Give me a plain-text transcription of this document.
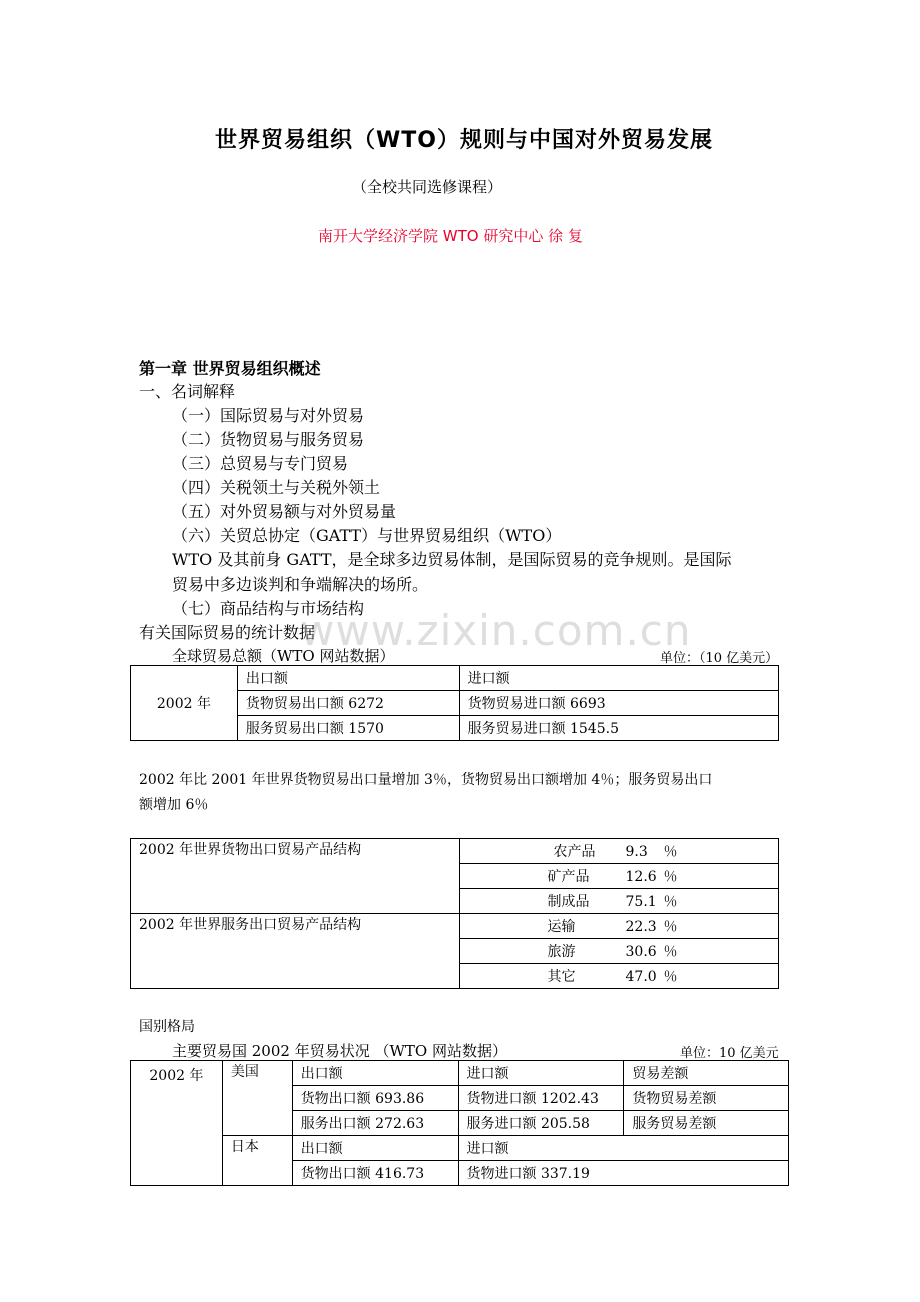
世界贸易组织（WTO）规则与中国对外贸易发展
（全校共同选修课程）
南开大学经济学院 WTO 研究中心 徐 复
第一章 世界贸易组织概述
一、名词解释
（一）国际贸易与对外贸易
（二）货物贸易与服务贸易
（三）总贸易与专门贸易
（四）关税领土与关税外领土
（五）对外贸易额与对外贸易量
（六）关贸总协定（GATT）与世界贸易组织（WTO）
WTO 及其前身 GATT，是全球多边贸易体制，是国际贸易的竞争规则。是国际
贸易中多边谈判和争端解决的场所。
（七）商品结构与市场结构
有关国际贸易的统计数据
www.zixin.com.cn
全球贸易总额（WTO 网站数据）	单位：（10 亿美元）
2002 年	出口额	进口额
	货物贸易出口额 6272	货物贸易进口额 6693
	服务贸易出口额 1570	服务贸易进口额 1545.5
2002 年比 2001 年世界货物贸易出口量增加 3％，货物贸易出口额增加 4％；服务贸易出口
额增加 6％
2002 年世界货物出口贸易产品结构	农产品 9.3 ％
	矿产品 12.6 ％
	制成品 75.1 ％
2002 年世界服务出口贸易产品结构	运输 22.3 ％
	旅游 30.6 ％
	其它 47.0 ％
国别格局
主要贸易国 2002 年贸易状况 （WTO 网站数据）	单位：10 亿美元
2002 年	美国	出口额	进口额	贸易差额
		货物出口额 693.86	货物进口额 1202.43	货物贸易差额
		服务出口额 272.63	服务进口额 205.58	服务贸易差额
	日本	出口额	进口额	
		货物出口额 416.73	货物进口额 337.19	
